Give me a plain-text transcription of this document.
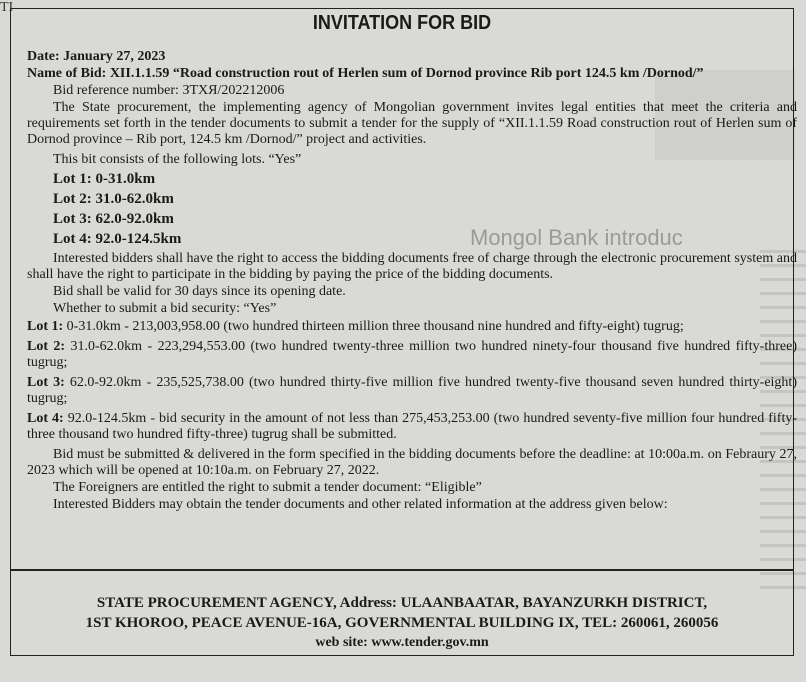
Mongol Bank introduc
ТІ
INVITATION FOR BID

Date: January 27, 2023

Name of Bid: XII.1.1.59 “Road construction rout of Herlen sum of Dornod province Rib port 124.5 km /Dornod/”

Bid reference number: ЗТХЯ/202212006

The State procurement, the implementing agency of Mongolian government invites legal entities that meet the criteria and requirements set forth in the tender documents to submit a tender for the supply of “XII.1.1.59 Road construction rout of Herlen sum of Dornod province – Rib port, 124.5 km /Dornod/” project and activities.

This bit consists of the following lots. “Yes”

Lot 1: 0-31.0km
Lot 2: 31.0-62.0km
Lot 3: 62.0-92.0km
Lot 4: 92.0-124.5km

Interested bidders shall have the right to access the bidding documents free of charge through the electronic procurement system and shall have the right to participate in the bidding by paying the price of the bidding documents.

Bid shall be valid for 30 days since its opening date.

Whether to submit a bid security: “Yes”

Lot 1: 0-31.0km - 213,003,958.00 (two hundred thirteen million three thousand nine hundred and fifty-eight) tugrug;

Lot 2: 31.0-62.0km - 223,294,553.00 (two hundred twenty-three million two hundred ninety-four thousand five hundred fifty-three) tugrug;

Lot 3: 62.0-92.0km - 235,525,738.00 (two hundred thirty-five million five hundred twenty-five thousand seven hundred thirty-eight) tugrug;

Lot 4: 92.0-124.5km - bid security in the amount of not less than 275,453,253.00 (two hundred seventy-five million four hundred fifty-three thousand two hundred fifty-three) tugrug shall be submitted.

Bid must be submitted & delivered in the form specified in the bidding documents before the deadline: at 10:00a.m. on Febraury 27, 2023 which will be opened at 10:10a.m. on February 27, 2022.

The Foreigners are entitled the right to submit a tender document: “Eligible”

Interested Bidders may obtain the tender documents and other related information at the address given below:

STATE PROCUREMENT AGENCY, Address: ULAANBAATAR, BAYANZURKH DISTRICT,
1ST KHOROO, PEACE AVENUE-16A, GOVERNMENTAL BUILDING IX, TEL: 260061, 260056
web site: www.tender.gov.mn
